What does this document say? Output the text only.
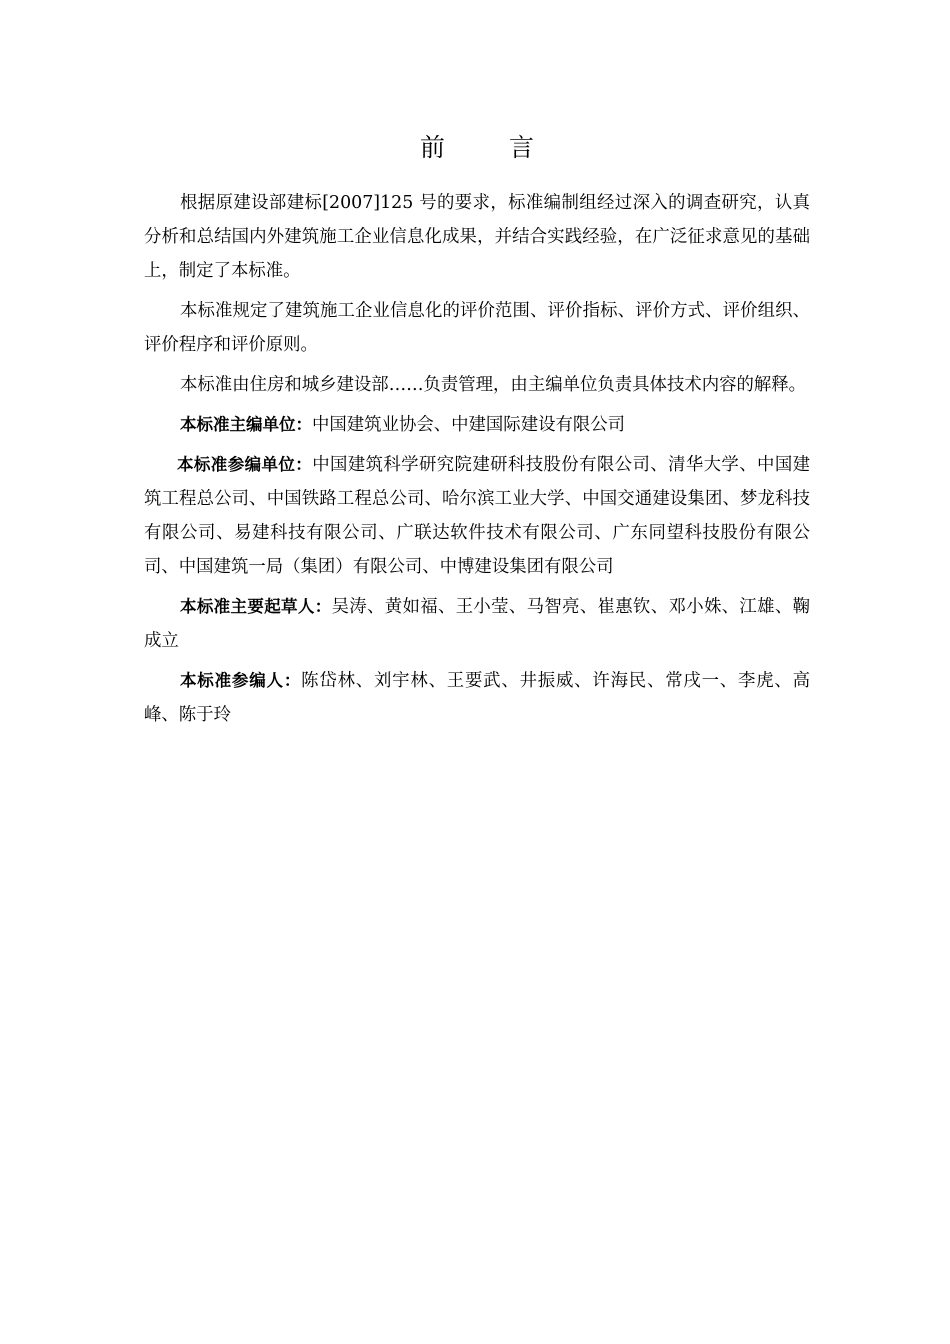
前 言

根据原建设部建标[2007]125 号的要求，标准编制组经过深入的调查研究，认真分析和总结国内外建筑施工企业信息化成果，并结合实践经验，在广泛征求意见的基础上，制定了本标准。

本标准规定了建筑施工企业信息化的评价范围、评价指标、评价方式、评价组织、评价程序和评价原则。

本标准由住房和城乡建设部……负责管理，由主编单位负责具体技术内容的解释。

本标准主编单位：中国建筑业协会、中建国际建设有限公司

本标准参编单位：中国建筑科学研究院建研科技股份有限公司、清华大学、中国建筑工程总公司、中国铁路工程总公司、哈尔滨工业大学、中国交通建设集团、梦龙科技有限公司、易建科技有限公司、广联达软件技术有限公司、广东同望科技股份有限公司、中国建筑一局（集团）有限公司、中博建设集团有限公司

本标准主要起草人：吴涛、黄如福、王小莹、马智亮、崔惠钦、邓小姝、江雄、鞠成立

本标准参编人：陈岱林、刘宇林、王要武、井振威、许海民、常戌一、李虎、高峰、陈于玲
